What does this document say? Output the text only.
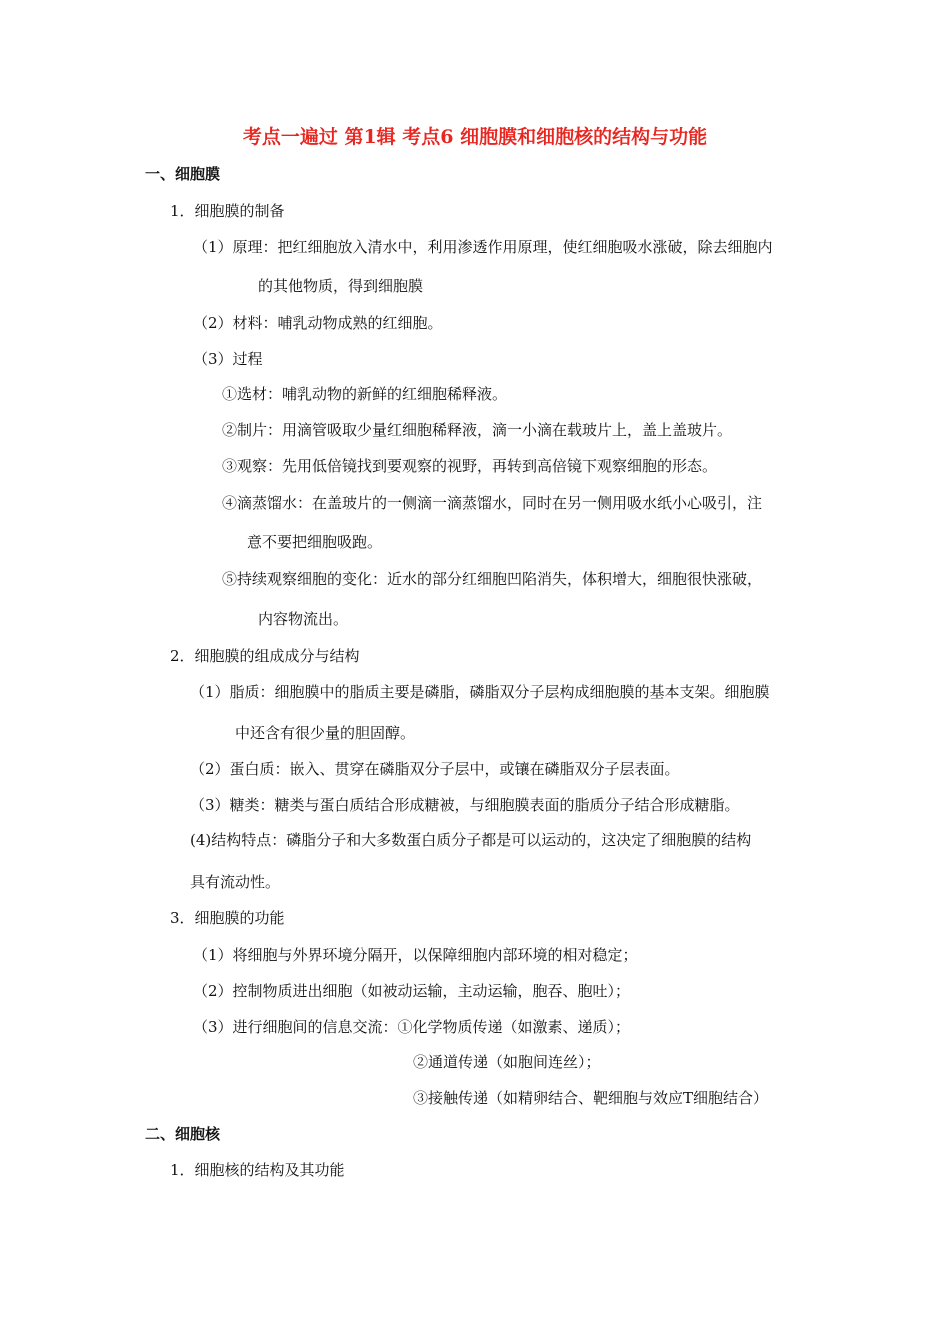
考点一遍过 第1辑 考点6 细胞膜和细胞核的结构与功能
一、细胞膜
1．细胞膜的制备
（1）原理：把红细胞放入清水中，利用渗透作用原理，使红细胞吸水涨破，除去细胞内
的其他物质，得到细胞膜
（2）材料：哺乳动物成熟的红细胞。
（3）过程
①选材：哺乳动物的新鲜的红细胞稀释液。
②制片：用滴管吸取少量红细胞稀释液，滴一小滴在载玻片上，盖上盖玻片。
③观察：先用低倍镜找到要观察的视野，再转到高倍镜下观察细胞的形态。
④滴蒸馏水：在盖玻片的一侧滴一滴蒸馏水，同时在另一侧用吸水纸小心吸引，注
意不要把细胞吸跑。
⑤持续观察细胞的变化：近水的部分红细胞凹陷消失，体积增大，细胞很快涨破，
内容物流出。
2．细胞膜的组成成分与结构
（1）脂质：细胞膜中的脂质主要是磷脂，磷脂双分子层构成细胞膜的基本支架。细胞膜
中还含有很少量的胆固醇。
（2）蛋白质：嵌入、贯穿在磷脂双分子层中，或镶在磷脂双分子层表面。
（3）糖类：糖类与蛋白质结合形成糖被，与细胞膜表面的脂质分子结合形成糖脂。
(4)结构特点：磷脂分子和大多数蛋白质分子都是可以运动的，这决定了细胞膜的结构
具有流动性。
3．细胞膜的功能
（1）将细胞与外界环境分隔开，以保障细胞内部环境的相对稳定；
（2）控制物质进出细胞（如被动运输，主动运输，胞吞、胞吐）；
（3）进行细胞间的信息交流：①化学物质传递（如激素、递质）；
②通道传递（如胞间连丝）；
③接触传递（如精卵结合、靶细胞与效应T细胞结合）
二、细胞核
1．细胞核的结构及其功能
